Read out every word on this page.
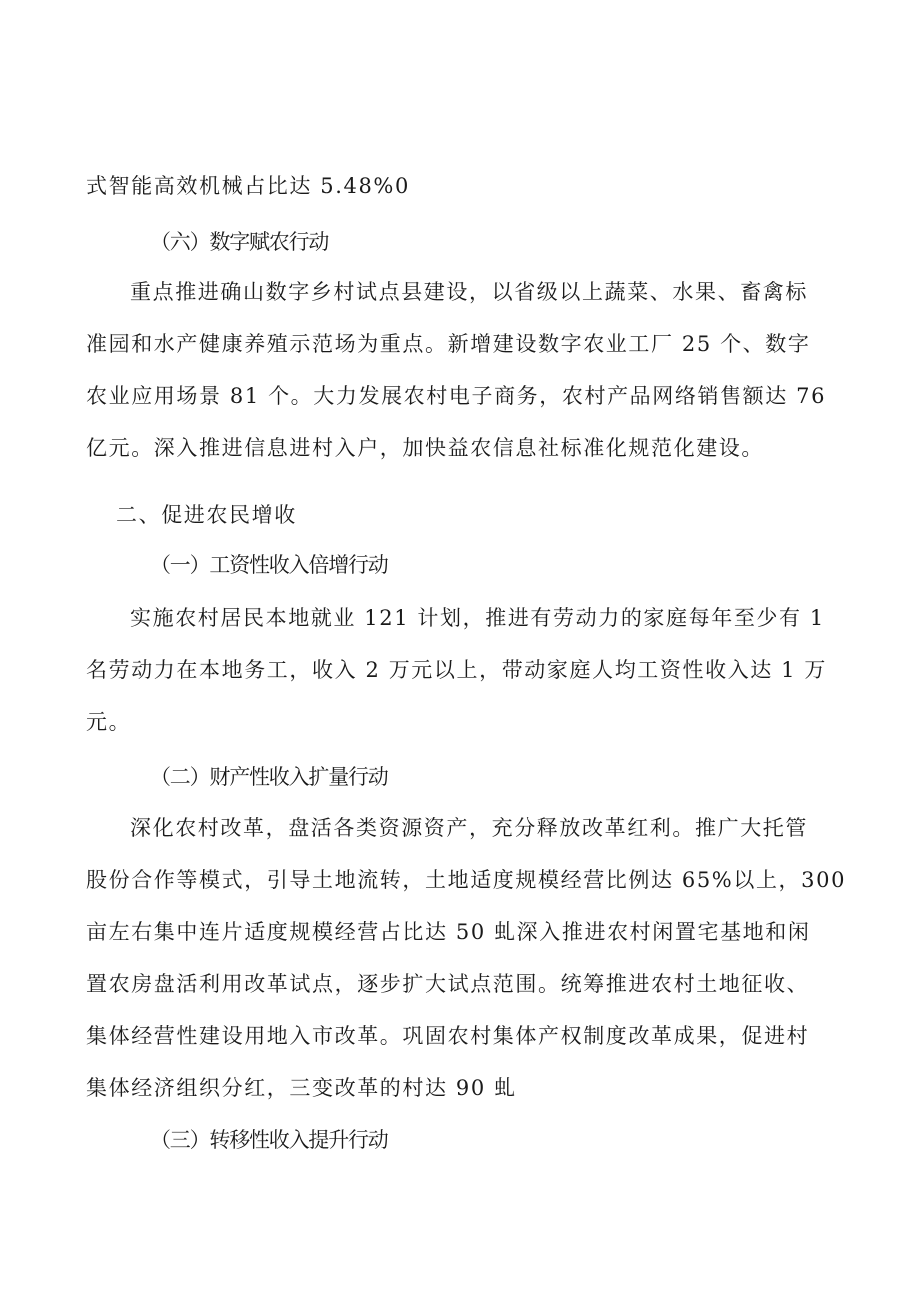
式智能高效机械占比达 5.48%0
（六）数字赋农行动
重点推进确山数字乡村试点县建设，以省级以上蔬菜、水果、畜禽标
准园和水产健康养殖示范场为重点。新增建设数字农业工厂 25 个、数字
农业应用场景 81 个。大力发展农村电子商务，农村产品网络销售额达 76
亿元。深入推进信息进村入户，加快益农信息社标准化规范化建设。
二、促进农民增收
（一）工资性收入倍增行动
实施农村居民本地就业 121 计划，推进有劳动力的家庭每年至少有 1
名劳动力在本地务工，收入 2 万元以上，带动家庭人均工资性收入达 1 万
元。
（二）财产性收入扩量行动
深化农村改革，盘活各类资源资产，充分释放改革红利。推广大托管
股份合作等模式，引导土地流转，土地适度规模经营比例达 65%以上，300
亩左右集中连片适度规模经营占比达 50 虬深入推进农村闲置宅基地和闲
置农房盘活利用改革试点，逐步扩大试点范围。统筹推进农村土地征收、
集体经营性建设用地入市改革。巩固农村集体产权制度改革成果，促进村
集体经济组织分红，三变改革的村达 90 虬
（三）转移性收入提升行动
